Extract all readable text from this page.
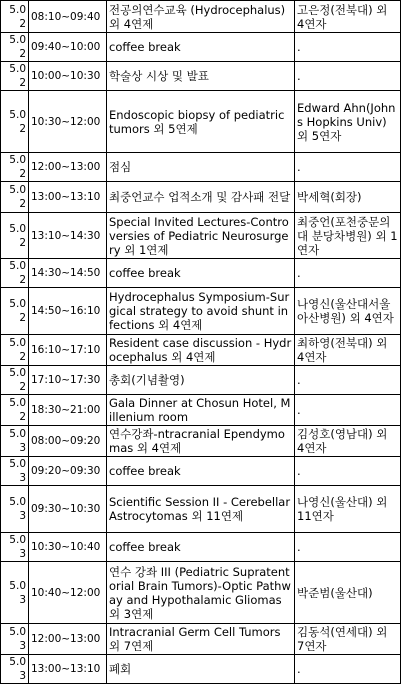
5.02	08:10~09:40	전공의연수교육 (Hydrocephalus) 외 4연제	고은정(전북대) 외 4연자
5.02	09:40~10:00	coffee break	.
5.02	10:00~10:30	학술상 시상 및 발표	.
5.02	10:30~12:00	Endoscopic biopsy of pediatric tumors 외 5연제	Edward Ahn(Johns Hopkins Univ) 외 5연자
5.02	12:00~13:00	점심	.
5.02	13:00~13:10	최중언교수 업적소개 및 감사패 전달	박세혁(회장)
5.02	13:10~14:30	Special Invited Lectures-Controversies of Pediatric Neurosurgery 외 1연제	최중언(포천중문의대 분당차병원) 외 1연자
5.02	14:30~14:50	coffee break	.
5.02	14:50~16:10	Hydrocephalus Symposium-Surgical strategy to avoid shunt infections 외 4연제	나영신(울산대서울아산병원) 외 4연자
5.02	16:10~17:10	Resident case discussion - Hydrocephalus 외 4연제	최하영(전북대) 외 4연자
5.02	17:10~17:30	총회(기념촬영)	.
5.02	18:30~21:00	Gala Dinner at Chosun Hotel, Millenium room	.
5.03	08:00~09:20	연수강좌-ntracranial Ependymomas 외 4연제	김성호(영남대) 외 4연자
5.03	09:20~09:30	coffee break	.
5.03	09:30~10:30	Scientific Session II - Cerebellar Astrocytomas 외 11연제	나영신(울산대) 외 11연자
5.03	10:30~10:40	coffee break	.
5.03	10:40~12:00	연수 강좌 III (Pediatric Supratentorial Brain Tumors)-Optic Pathway and Hypothalamic Gliomas 외 3연제	박준범(울산대)
5.03	12:00~13:00	Intracranial Germ Cell Tumors 외 7연제	김동석(연세대) 외 7연자
5.03	13:00~13:10	폐회	.
